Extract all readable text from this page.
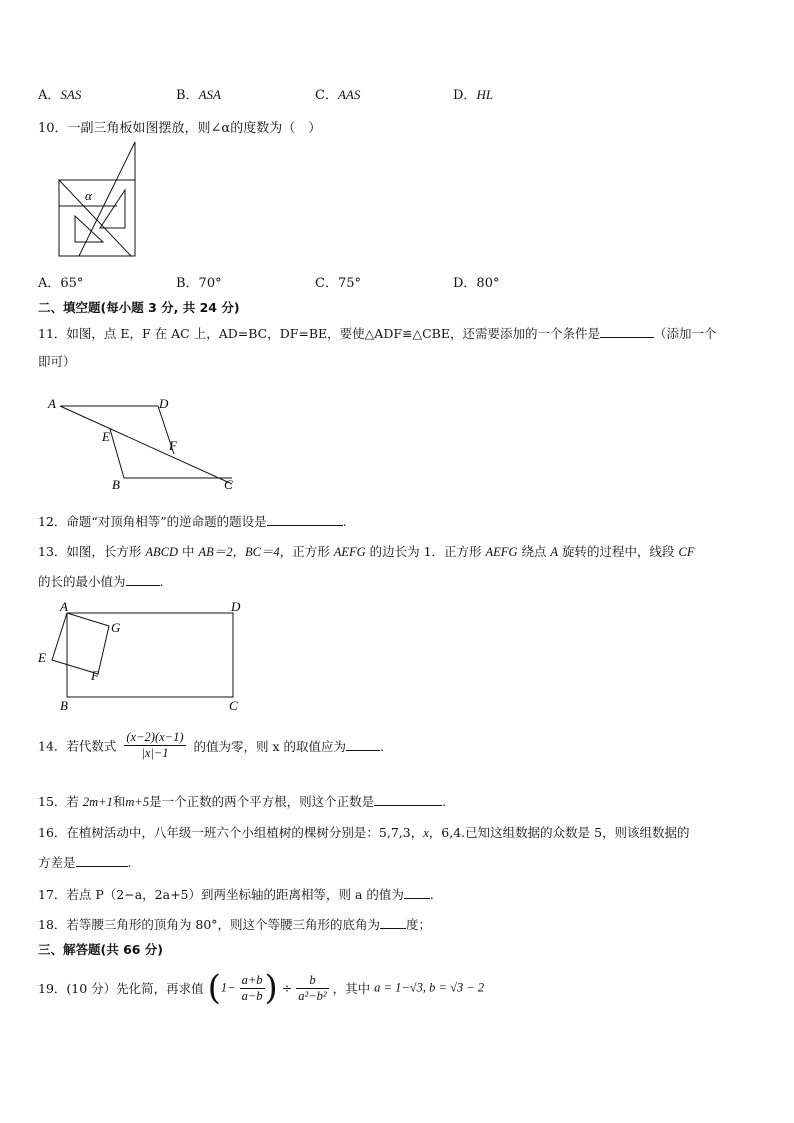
A．SAS	B．ASA	C．AAS	D．HL
10．一副三角板如图摆放，则∠α的度数为（　）
α
A．65°	B．70°	C．75°	D．80°
二、填空题(每小题 3 分, 共 24 分)
11．如图，点 E，F 在 AC 上，AD=BC，DF=BE，要使△ADF≌△CBE，还需要添加的一个条件是	（添加一个
即可）
A	D
E
F
B	C
12．命题“对顶角相等”的逆命题的题设是	.
13．如图，长方形 ABCD 中 AB＝2，BC＝4，正方形 AEFG 的边长为 1．正方形 AEFG 绕点 A 旋转的过程中，线段 CF
的长的最小值为	.
A	D
G
E
F
B	C
14．若代数式 $\frac{(x-2)(x-1)}{|x|-1}$ 的值为零，则 x 的取值应为	.
15．若 2m+1和m+5是一个正数的两个平方根，则这个正数是	.
16．在植树活动中，八年级一班六个小组植树的棵树分别是：5,7,3，x，6,4.已知这组数据的众数是 5，则该组数据的
方差是	.
17．若点 P（2−a，2a+5）到两坐标轴的距离相等，则 a 的值为 .
18．若等腰三角形的顶角为 80°，则这个等腰三角形的底角为 度；
三、解答题(共 66 分)
19．(10 分）先化简，再求值 ($1- \frac{a+b}{a-b}$ ) ÷ $\frac{b}{\text{a²−b²}}$ ，其中 a = 1−√3, b = √3 − 2
